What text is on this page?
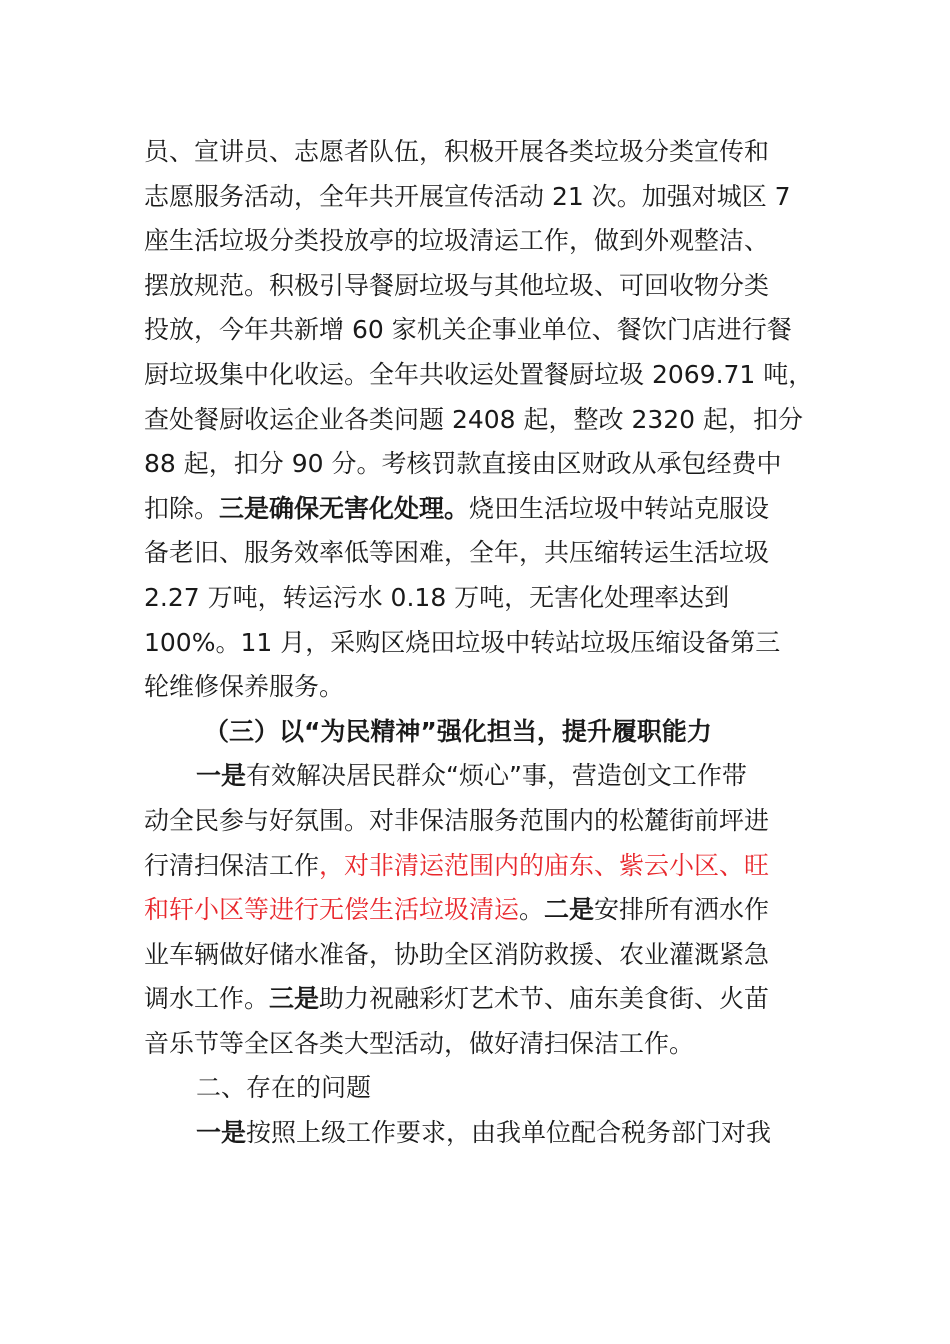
员、宣讲员、志愿者队伍，积极开展各类垃圾分类宣传和
志愿服务活动，全年共开展宣传活动 21 次。加强对城区 7
座生活垃圾分类投放亭的垃圾清运工作，做到外观整洁、
摆放规范。积极引导餐厨垃圾与其他垃圾、可回收物分类
投放，今年共新增 60 家机关企事业单位、餐饮门店进行餐
厨垃圾集中化收运。全年共收运处置餐厨垃圾 2069.71 吨，
查处餐厨收运企业各类问题 2408 起，整改 2320 起，扣分
88 起，扣分 90 分。考核罚款直接由区财政从承包经费中
扣除。三是确保无害化处理。烧田生活垃圾中转站克服设
备老旧、服务效率低等困难，全年，共压缩转运生活垃圾
2.27 万吨，转运污水 0.18 万吨，无害化处理率达到
100%。11 月，采购区烧田垃圾中转站垃圾压缩设备第三
轮维修保养服务。
（三）以“为民精神”强化担当，提升履职能力
一是有效解决居民群众“烦心”事，营造创文工作带
动全民参与好氛围。对非保洁服务范围内的松麓街前坪进
行清扫保洁工作，对非清运范围内的庙东、紫云小区、旺
和轩小区等进行无偿生活垃圾清运。二是安排所有洒水作
业车辆做好储水准备，协助全区消防救援、农业灌溉紧急
调水工作。三是助力祝融彩灯艺术节、庙东美食街、火苗
音乐节等全区各类大型活动，做好清扫保洁工作。
二、存在的问题
一是按照上级工作要求，由我单位配合税务部门对我
